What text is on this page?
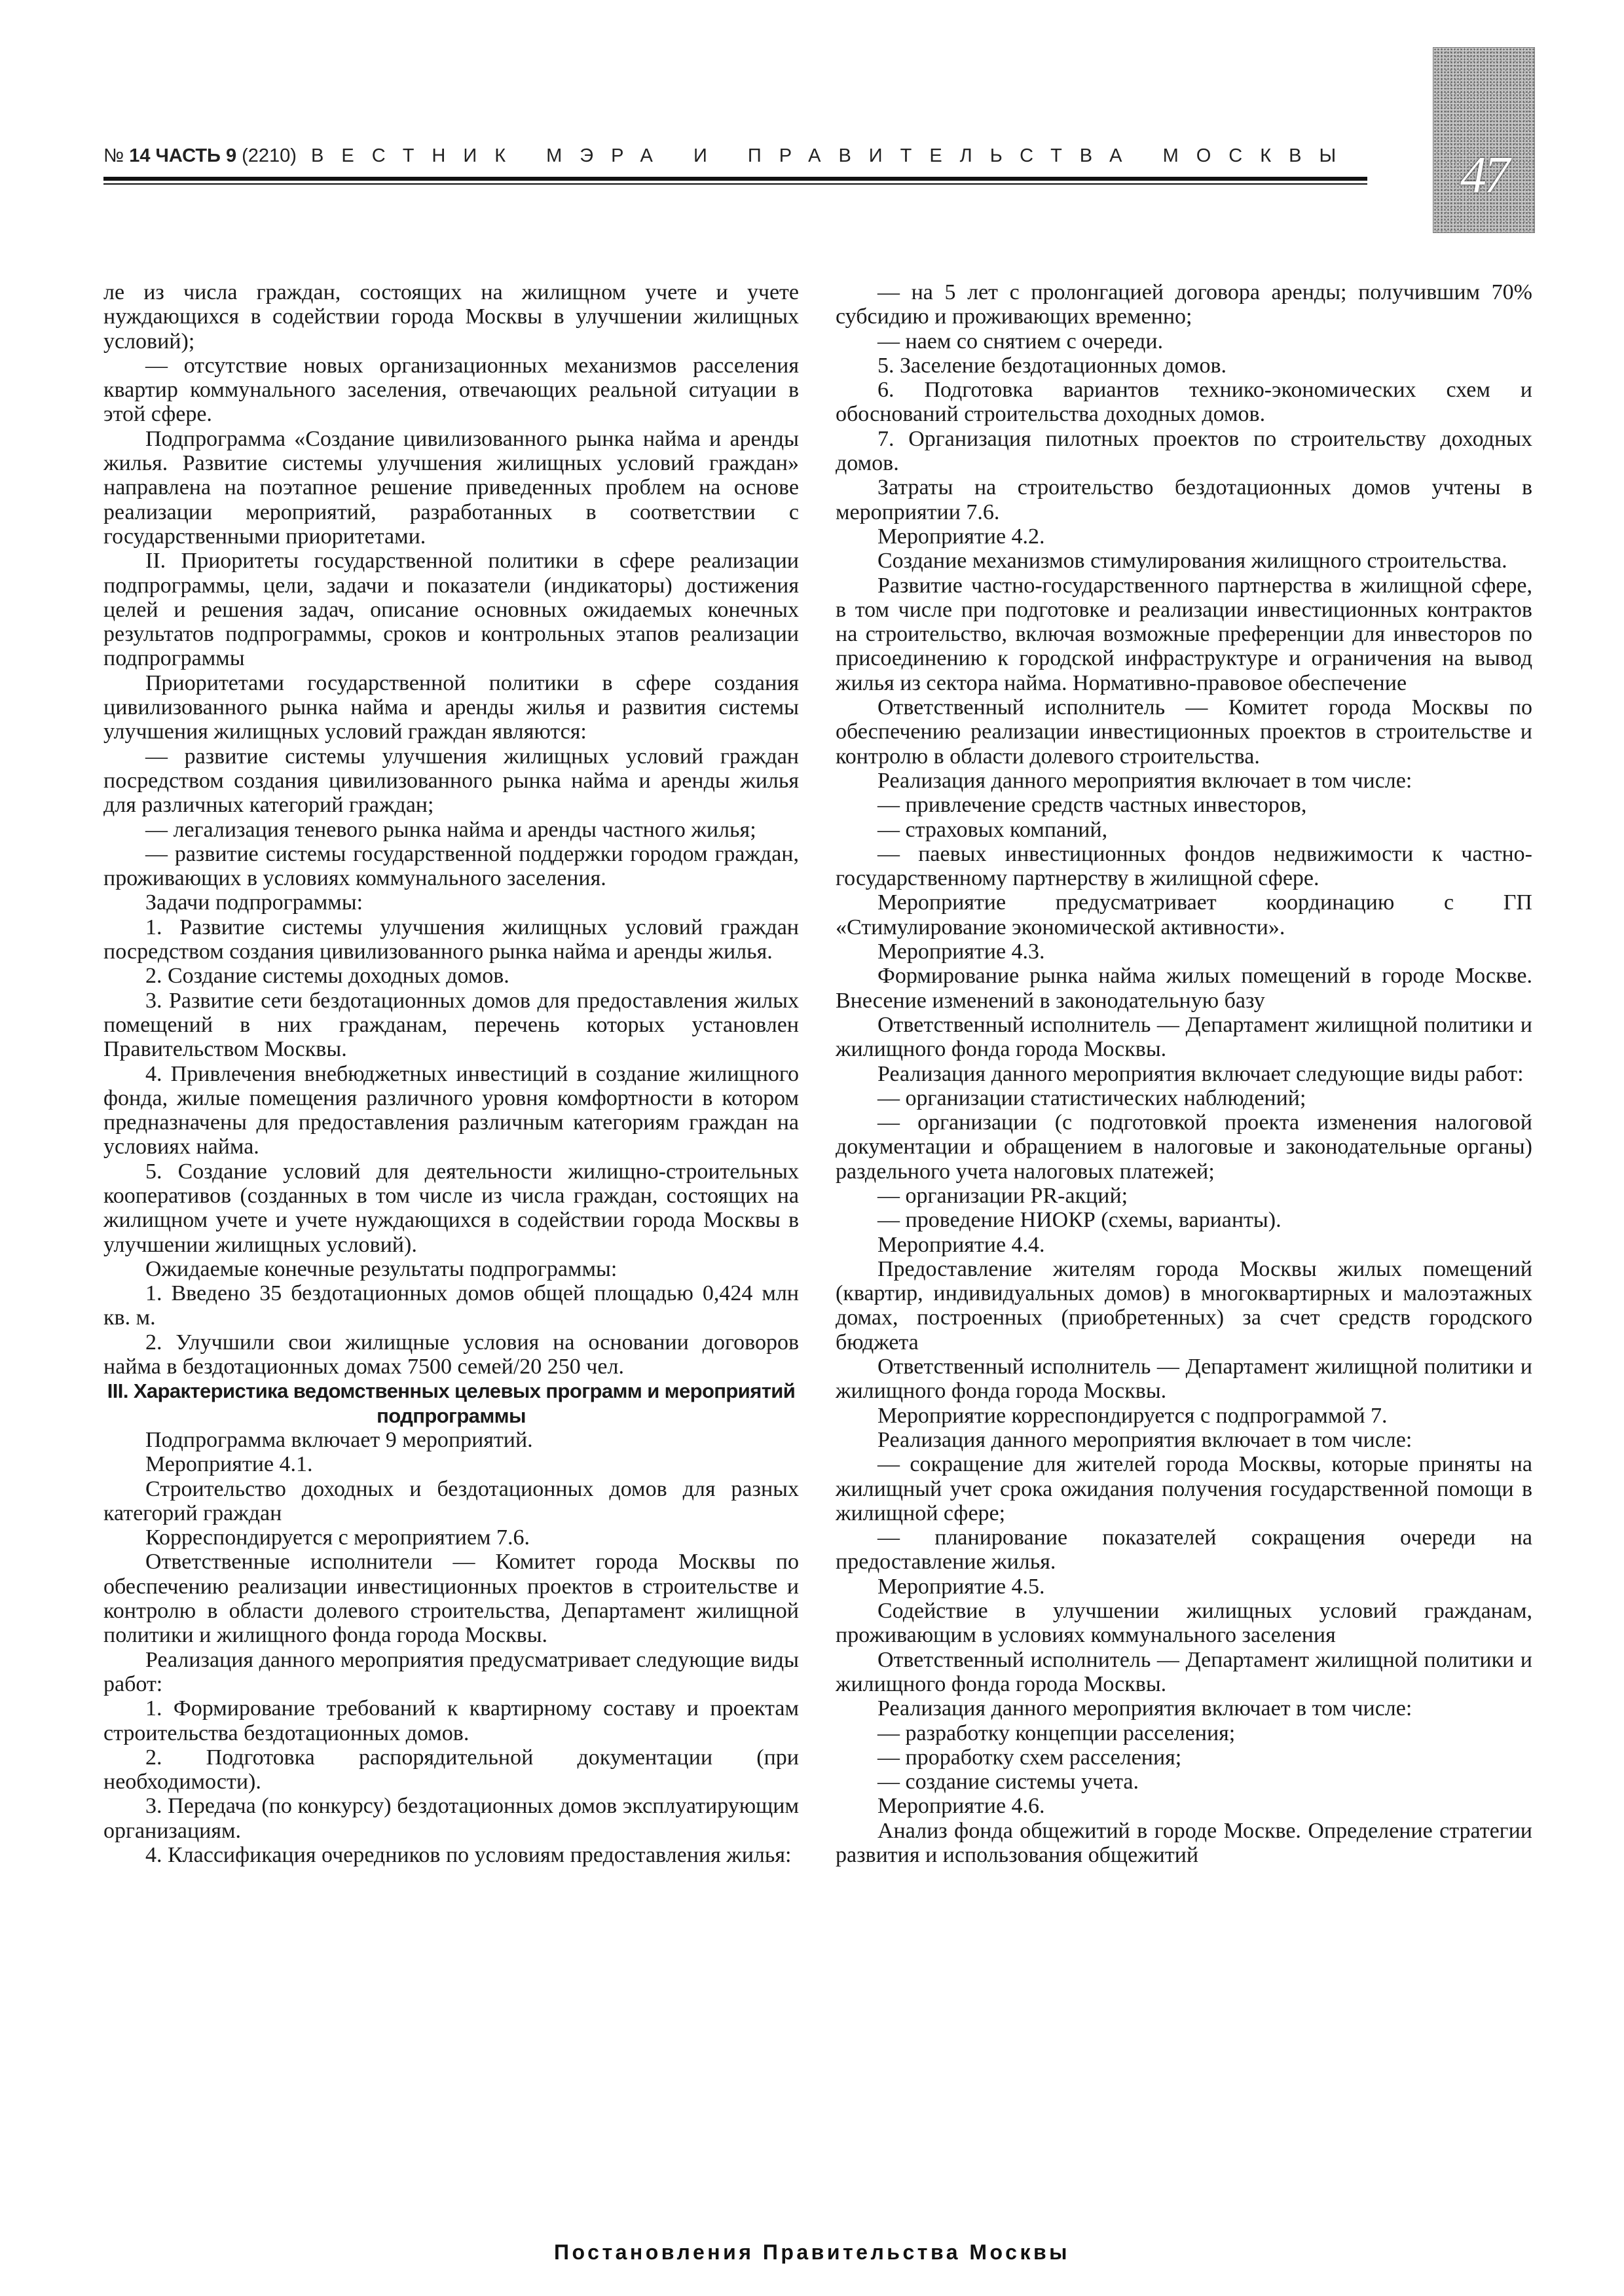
№ 14 ЧАСТЬ 9 (2210) ВЕСТНИК МЭРА И ПРАВИТЕЛЬСТВА МОСКВЫ	47

ле из числа граждан, состоящих на жилищном учете и учете нуждающихся в содействии города Москвы в улучшении жилищных условий);

— отсутствие новых организационных механизмов расселения квартир коммунального заселения, отвечающих реальной ситуации в этой сфере.

Подпрограмма «Создание цивилизованного рынка найма и аренды жилья. Развитие системы улучшения жилищных условий граждан» направлена на поэтапное решение приведенных проблем на основе реализации мероприятий, разработанных в соответствии с государственными приоритетами.

II. Приоритеты государственной политики в сфере реализации подпрограммы, цели, задачи и показатели (индикаторы) достижения целей и решения задач, описание основных ожидаемых конечных результатов подпрограммы, сроков и контрольных этапов реализации подпрограммы

Приоритетами государственной политики в сфере создания цивилизованного рынка найма и аренды жилья и развития системы улучшения жилищных условий граждан являются:

— развитие системы улучшения жилищных условий граждан посредством создания цивилизованного рынка найма и аренды жилья для различных категорий граждан;

— легализация теневого рынка найма и аренды частного жилья;

— развитие системы государственной поддержки городом граждан, проживающих в условиях коммунального заселения.

Задачи подпрограммы:

1. Развитие системы улучшения жилищных условий граждан посредством создания цивилизованного рынка найма и аренды жилья.

2. Создание системы доходных домов.

3. Развитие сети бездотационных домов для предоставления жилых помещений в них гражданам, перечень которых установлен Правительством Москвы.

4. Привлечения внебюджетных инвестиций в создание жилищного фонда, жилые помещения различного уровня комфортности в котором предназначены для предоставления различным категориям граждан на условиях найма.

5. Создание условий для деятельности жилищно-строительных кооперативов (созданных в том числе из числа граждан, состоящих на жилищном учете и учете нуждающихся в содействии города Москвы в улучшении жилищных условий).

Ожидаемые конечные результаты подпрограммы:

1. Введено 35 бездотационных домов общей площадью 0,424 млн кв. м.

2. Улучшили свои жилищные условия на основании договоров найма в бездотационных домах 7500 семей/20 250 чел.

III. Характеристика ведомственных целевых программ и мероприятий подпрограммы

Подпрограмма включает 9 мероприятий.

Мероприятие 4.1.

Строительство доходных и бездотационных домов для разных категорий граждан

Корреспондируется с мероприятием 7.6.

Ответственные исполнители — Комитет города Москвы по обеспечению реализации инвестиционных проектов в строительстве и контролю в области долевого строительства, Департамент жилищной политики и жилищного фонда города Москвы.

Реализация данного мероприятия предусматривает следующие виды работ:

1. Формирование требований к квартирному составу и проектам строительства бездотационных домов.

2. Подготовка распорядительной документации (при необходимости).

3. Передача (по конкурсу) бездотационных домов эксплуатирующим организациям.

4. Классификация очередников по условиям предоставления жилья:

— на 5 лет с пролонгацией договора аренды; получившим 70% субсидию и проживающих временно;

— наем со снятием с очереди.

5. Заселение бездотационных домов.

6. Подготовка вариантов технико-экономических схем и обоснований строительства доходных домов.

7. Организация пилотных проектов по строительству доходных домов.

Затраты на строительство бездотационных домов учтены в мероприятии 7.6.

Мероприятие 4.2.

Создание механизмов стимулирования жилищного строительства.

Развитие частно-государственного партнерства в жилищной сфере, в том числе при подготовке и реализации инвестиционных контрактов на строительство, включая возможные преференции для инвесторов по присоединению к городской инфраструктуре и ограничения на вывод жилья из сектора найма. Нормативно-правовое обеспечение

Ответственный исполнитель — Комитет города Москвы по обеспечению реализации инвестиционных проектов в строительстве и контролю в области долевого строительства.

Реализация данного мероприятия включает в том числе:

— привлечение средств частных инвесторов,

— страховых компаний,

— паевых инвестиционных фондов недвижимости к частно-государственному партнерству в жилищной сфере.

Мероприятие предусматривает координацию с ГП «Стимулирование экономической активности».

Мероприятие 4.3.

Формирование рынка найма жилых помещений в городе Москве. Внесение изменений в законодательную базу

Ответственный исполнитель — Департамент жилищной политики и жилищного фонда города Москвы.

Реализация данного мероприятия включает следующие виды работ:

— организации статистических наблюдений;

— организации (с подготовкой проекта изменения налоговой документации и обращением в налоговые и законодательные органы) раздельного учета налоговых платежей;

— организации PR-акций;

— проведение НИОКР (схемы, варианты).

Мероприятие 4.4.

Предоставление жителям города Москвы жилых помещений (квартир, индивидуальных домов) в многоквартирных и малоэтажных домах, построенных (приобретенных) за счет средств городского бюджета

Ответственный исполнитель — Департамент жилищной политики и жилищного фонда города Москвы.

Мероприятие корреспондируется с подпрограммой 7.

Реализация данного мероприятия включает в том числе:

— сокращение для жителей города Москвы, которые приняты на жилищный учет срока ожидания получения государственной помощи в жилищной сфере;

— планирование показателей сокращения очереди на предоставление жилья.

Мероприятие 4.5.

Содействие в улучшении жилищных условий гражданам, проживающим в условиях коммунального заселения

Ответственный исполнитель — Департамент жилищной политики и жилищного фонда города Москвы.

Реализация данного мероприятия включает в том числе:

— разработку концепции расселения;

— проработку схем расселения;

— создание системы учета.

Мероприятие 4.6.

Анализ фонда общежитий в городе Москве. Определение стратегии развития и использования общежитий

Постановления Правительства Москвы
